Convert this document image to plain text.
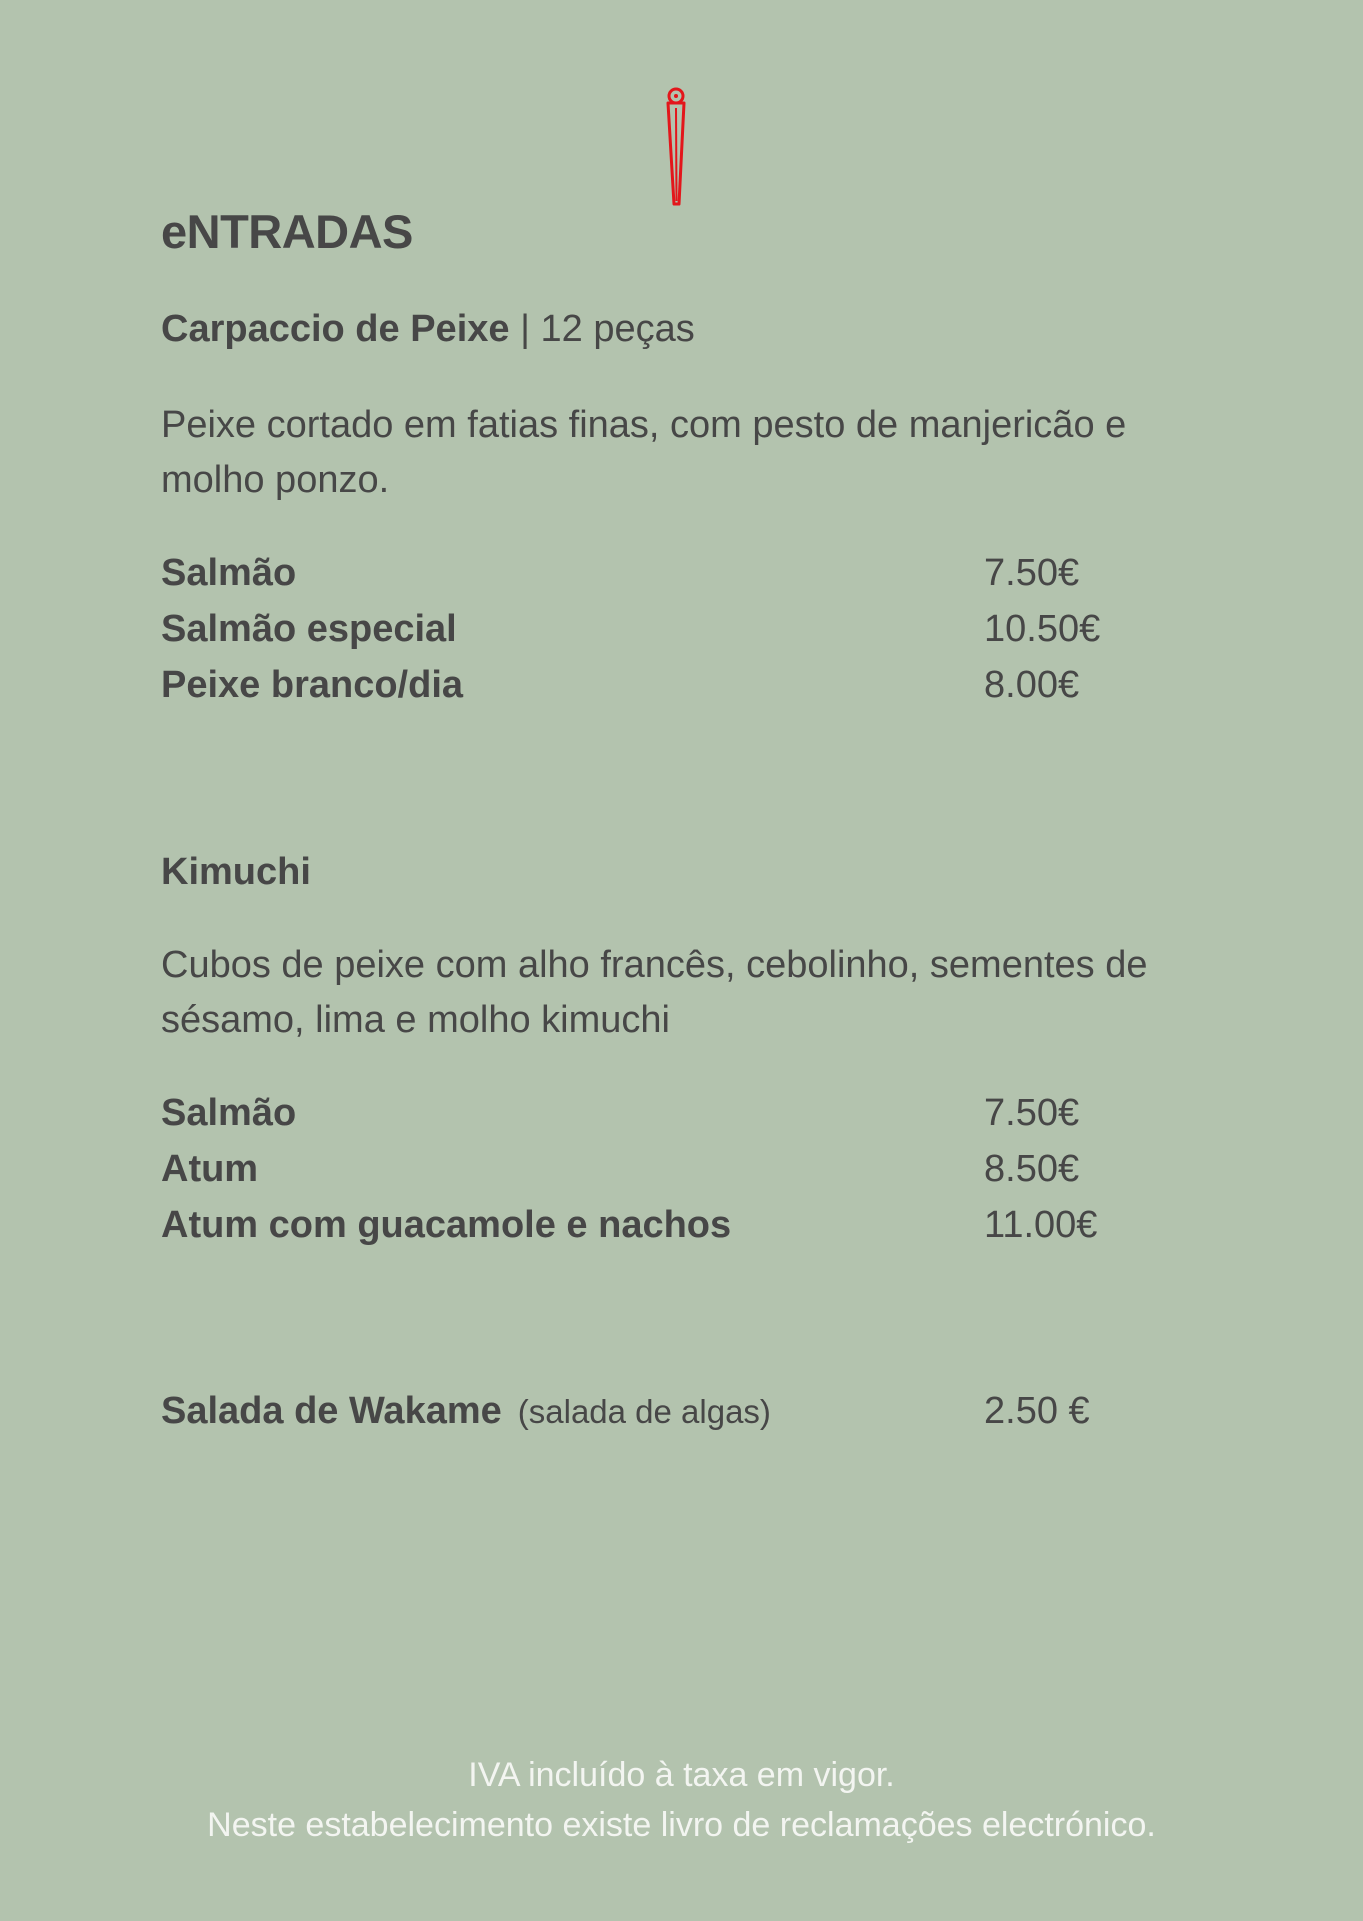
eNTRADAS

Carpaccio de Peixe | 12 peças

Peixe cortado em fatias finas, com pesto de manjericão e molho ponzo.

Salmão	7.50€
Salmão especial	10.50€
Peixe branco/dia	8.00€

Kimuchi

Cubos de peixe com alho francês, cebolinho, sementes de sésamo, lima e molho kimuchi

Salmão	7.50€
Atum	8.50€
Atum com guacamole e nachos	11.00€
Salada de Wakame (salada de algas)	2.50 €
IVA incluído à taxa em vigor.
Neste estabelecimento existe livro de reclamações electrónico.
